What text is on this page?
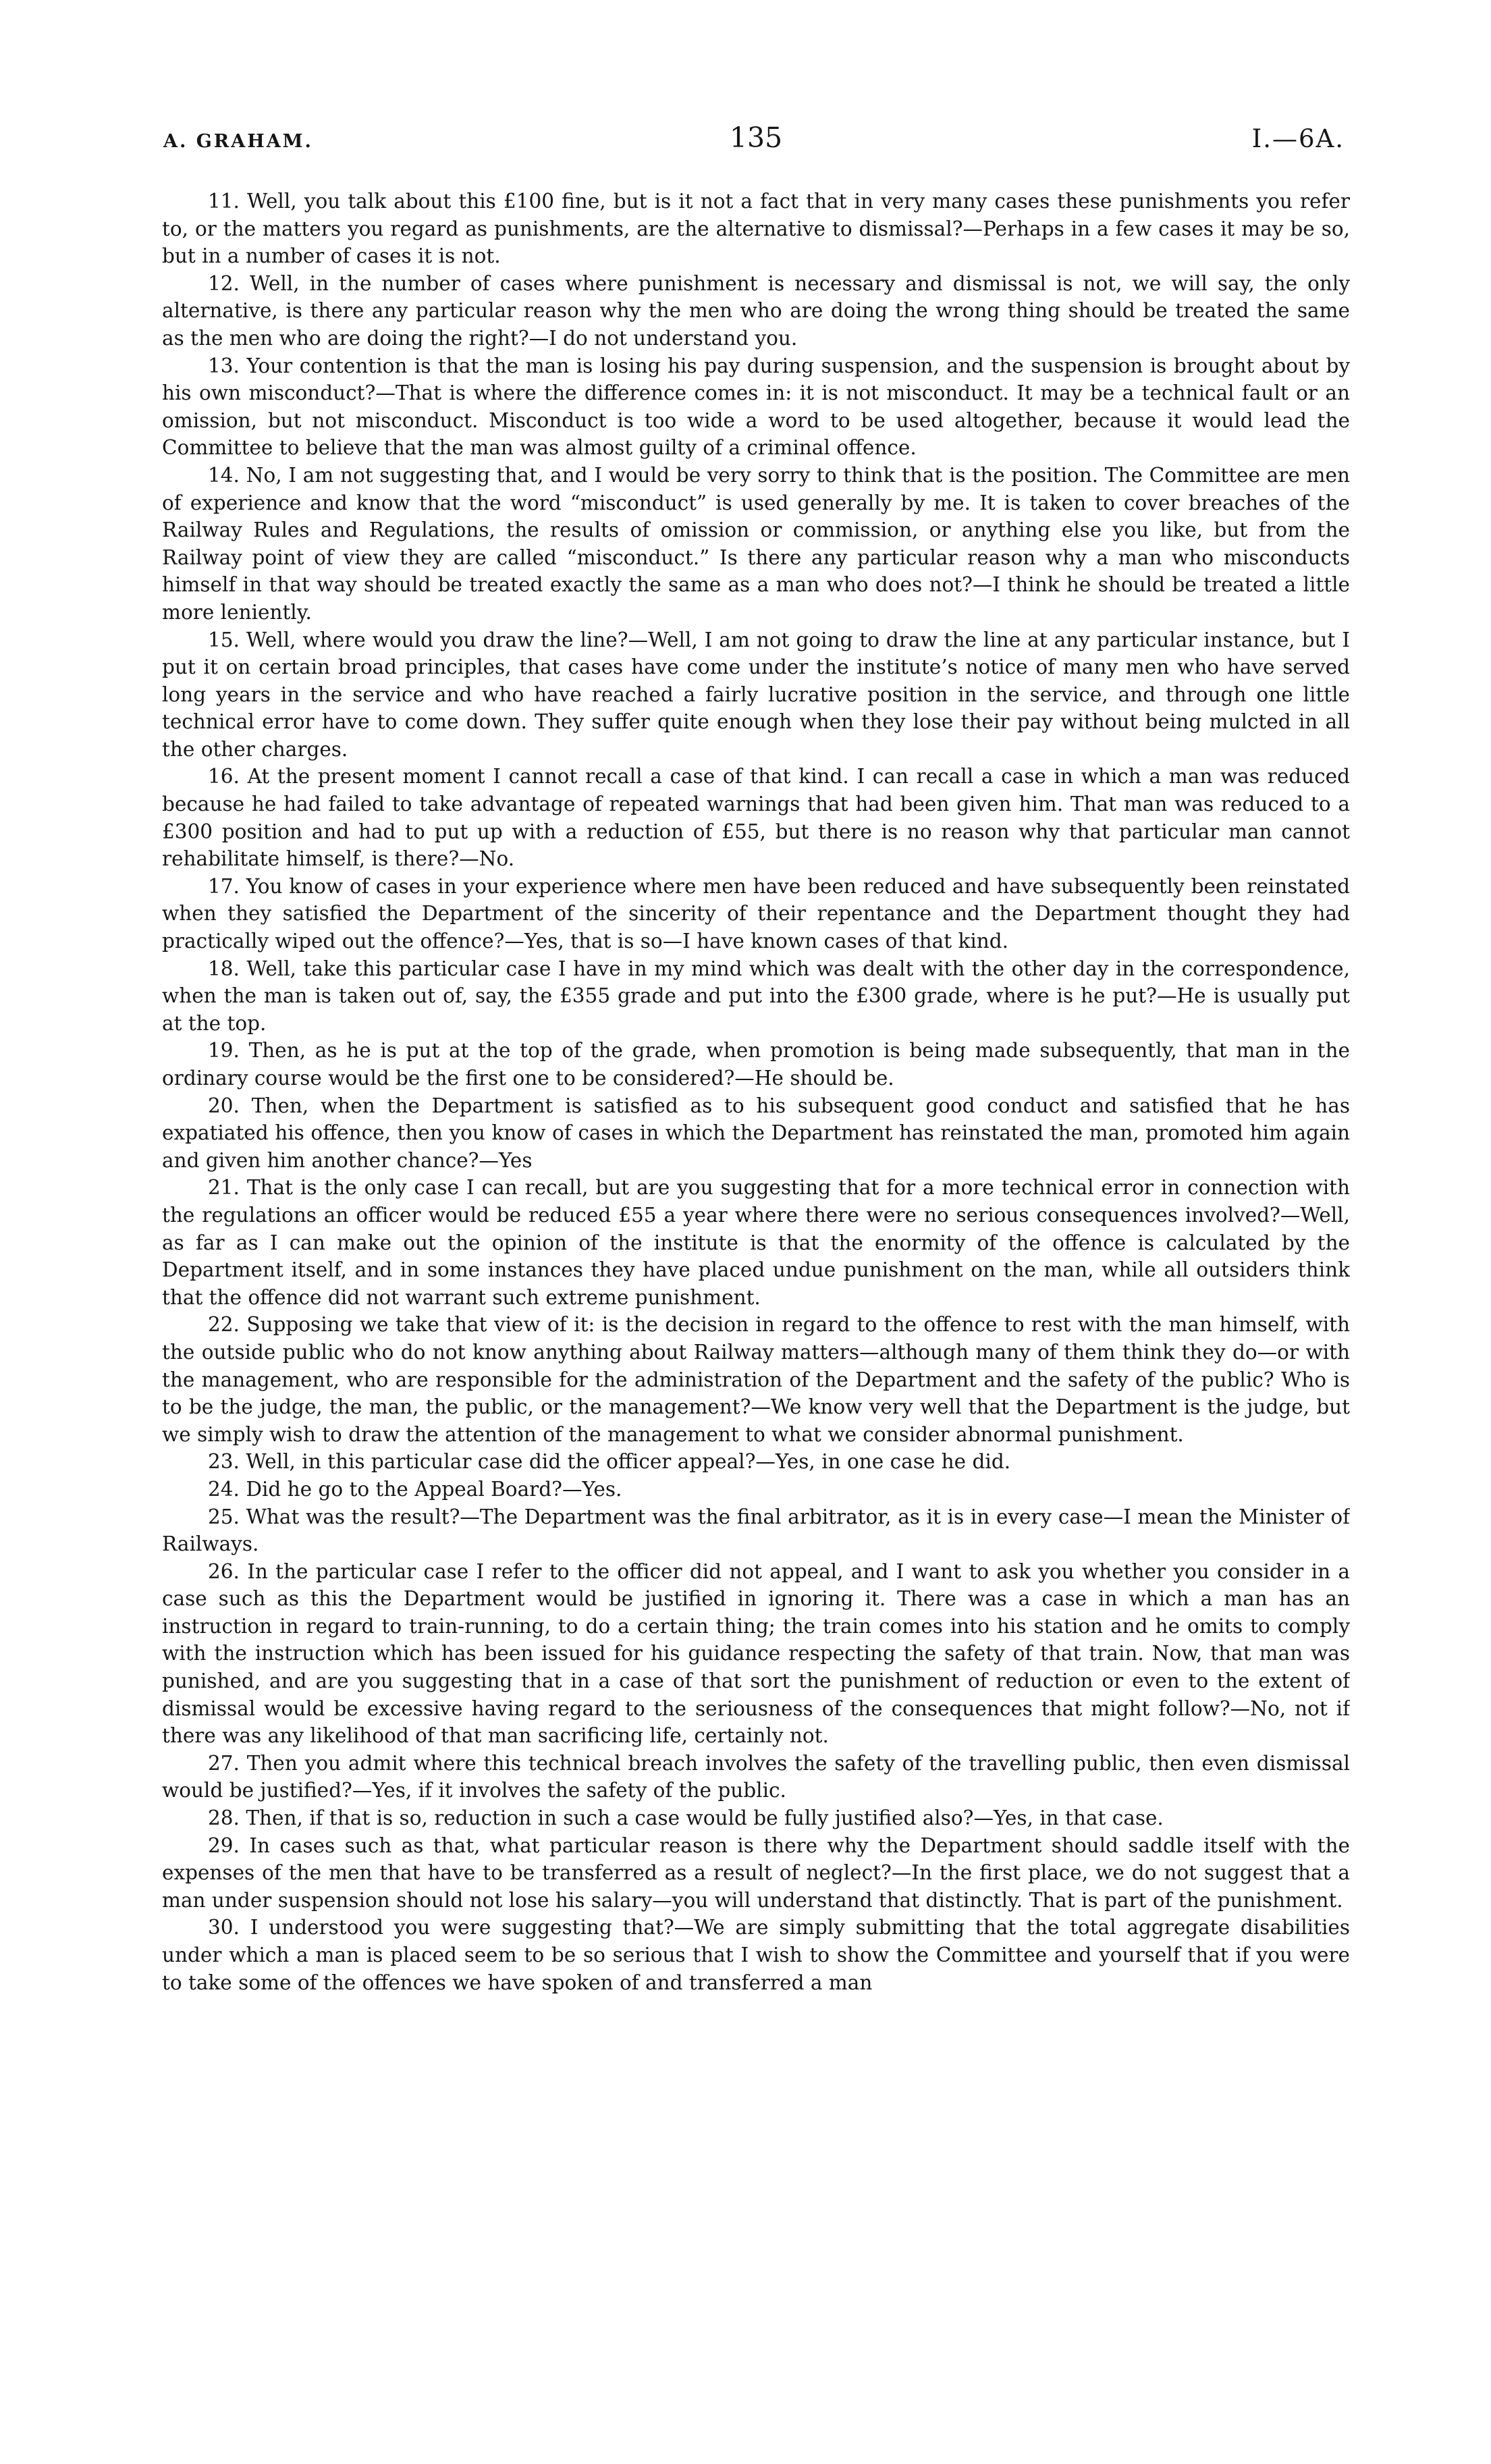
A. GRAHAM.	135	I.—6A.

11. Well, you talk about this £100 fine, but is it not a fact that in very many cases these punishments you refer to, or the matters you regard as punishments, are the alternative to dismissal?—Perhaps in a few cases it may be so, but in a number of cases it is not.

12. Well, in the number of cases where punishment is necessary and dismissal is not, we will say, the only alternative, is there any particular reason why the men who are doing the wrong thing should be treated the same as the men who are doing the right?—I do not understand you.

13. Your contention is that the man is losing his pay during suspension, and the suspension is brought about by his own misconduct?—That is where the difference comes in: it is not misconduct. It may be a technical fault or an omission, but not misconduct. Misconduct is too wide a word to be used altogether, because it would lead the Committee to believe that the man was almost guilty of a criminal offence.

14. No, I am not suggesting that, and I would be very sorry to think that is the position. The Committee are men of experience and know that the word “misconduct” is used generally by me. It is taken to cover breaches of the Railway Rules and Regulations, the results of omission or commission, or anything else you like, but from the Railway point of view they are called “misconduct.” Is there any particular reason why a man who misconducts himself in that way should be treated exactly the same as a man who does not?—I think he should be treated a little more leniently.

15. Well, where would you draw the line?—Well, I am not going to draw the line at any particular instance, but I put it on certain broad principles, that cases have come under the institute’s notice of many men who have served long years in the service and who have reached a fairly lucrative position in the service, and through one little technical error have to come down. They suffer quite enough when they lose their pay without being mulcted in all the other charges.

16. At the present moment I cannot recall a case of that kind. I can recall a case in which a man was reduced because he had failed to take advantage of repeated warnings that had been given him. That man was reduced to a £300 position and had to put up with a reduction of £55, but there is no reason why that particular man cannot rehabilitate himself, is there?—No.

17. You know of cases in your experience where men have been reduced and have subsequently been reinstated when they satisfied the Department of the sincerity of their repentance and the Department thought they had practically wiped out the offence?—Yes, that is so—I have known cases of that kind.

18. Well, take this particular case I have in my mind which was dealt with the other day in the correspondence, when the man is taken out of, say, the £355 grade and put into the £300 grade, where is he put?—He is usually put at the top.

19. Then, as he is put at the top of the grade, when promotion is being made subsequently, that man in the ordinary course would be the first one to be considered?—He should be.

20. Then, when the Department is satisfied as to his subsequent good conduct and satisfied that he has expatiated his offence, then you know of cases in which the Department has reinstated the man, promoted him again and given him another chance?—Yes

21. That is the only case I can recall, but are you suggesting that for a more technical error in connection with the regulations an officer would be reduced £55 a year where there were no serious consequences involved?—Well, as far as I can make out the opinion of the institute is that the enormity of the offence is calculated by the Department itself, and in some instances they have placed undue punishment on the man, while all outsiders think that the offence did not warrant such extreme punishment.

22. Supposing we take that view of it: is the decision in regard to the offence to rest with the man himself, with the outside public who do not know anything about Railway matters—although many of them think they do—or with the management, who are responsible for the administration of the Department and the safety of the public? Who is to be the judge, the man, the public, or the management?—We know very well that the Department is the judge, but we simply wish to draw the attention of the management to what we consider abnormal punishment.

23. Well, in this particular case did the officer appeal?—Yes, in one case he did.

24. Did he go to the Appeal Board?—Yes.

25. What was the result?—The Department was the final arbitrator, as it is in every case—I mean the Minister of Railways.

26. In the particular case I refer to the officer did not appeal, and I want to ask you whether you consider in a case such as this the Department would be justified in ignoring it. There was a case in which a man has an instruction in regard to train-running, to do a certain thing; the train comes into his station and he omits to comply with the instruction which has been issued for his guidance respecting the safety of that train. Now, that man was punished, and are you suggesting that in a case of that sort the punishment of reduction or even to the extent of dismissal would be excessive having regard to the seriousness of the consequences that might follow?—No, not if there was any likelihood of that man sacrificing life, certainly not.

27. Then you admit where this technical breach involves the safety of the travelling public, then even dismissal would be justified?—Yes, if it involves the safety of the public.

28. Then, if that is so, reduction in such a case would be fully justified also?—Yes, in that case.

29. In cases such as that, what particular reason is there why the Department should saddle itself with the expenses of the men that have to be transferred as a result of neglect?—In the first place, we do not suggest that a man under suspension should not lose his salary—you will understand that distinctly. That is part of the punishment.

30. I understood you were suggesting that?—We are simply submitting that the total aggregate disabilities under which a man is placed seem to be so serious that I wish to show the Committee and yourself that if you were to take some of the offences we have spoken of and transferred a man
